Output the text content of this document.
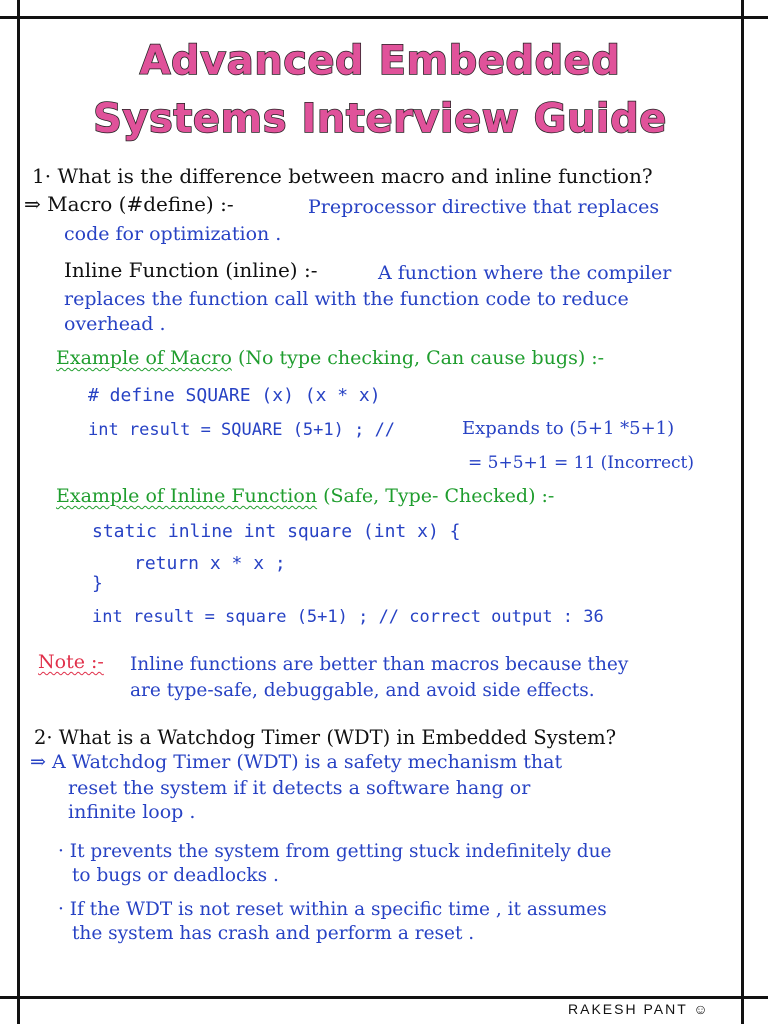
Advanced Embedded
Systems Interview Guide
1· What is the difference between macro and inline function?
⇒ Macro (#define) :-	Preprocessor directive that replaces
code for optimization .
Inline Function (inline) :-	A function where the compiler
replaces the function call with the function code to reduce
overhead .
Example of Macro (No type checking, Can cause bugs) :-
# define SQUARE (x) (x * x)
int result = SQUARE (5+1) ; //	Expands to (5+1 *5+1)
= 5+5+1 = 11 (Incorrect)
Example of Inline Function (Safe, Type- Checked) :-
static inline int square (int x) {
return x * x ;
}
int result = square (5+1) ; // correct output : 36
Note :- Inline functions are better than macros because they
are type-safe, debuggable, and avoid side effects.
2· What is a Watchdog Timer (WDT) in Embedded System?
⇒ A Watchdog Timer (WDT) is a safety mechanism that
reset the system if it detects a software hang or
infinite loop .
· It prevents the system from getting stuck indefinitely due
to bugs or deadlocks .
· If the WDT is not reset within a specific time , it assumes
the system has crash and perform a reset .
RAKESH PANT ☺
